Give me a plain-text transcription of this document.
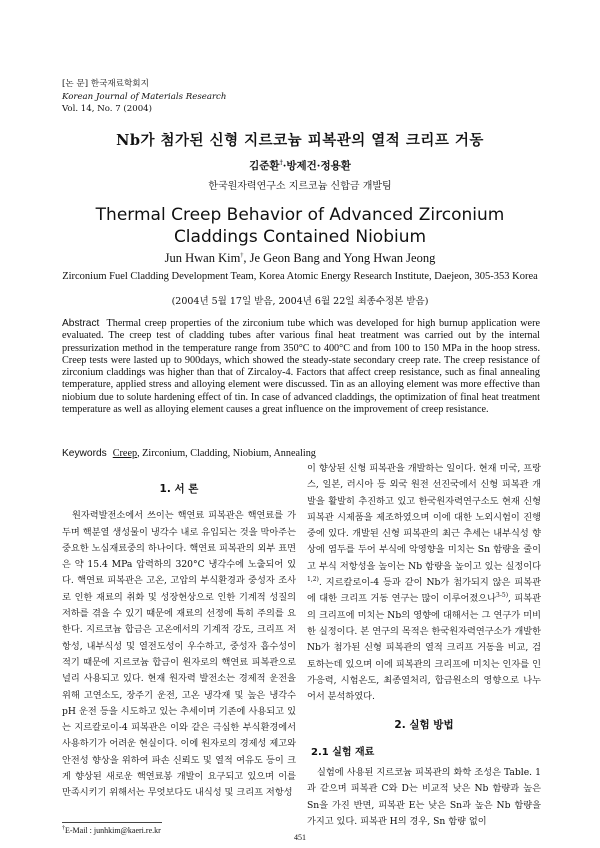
[논 문] 한국재료학회지
Korean Journal of Materials Research
Vol. 14, No. 7 (2004)
Nb가 첨가된 신형 지르코늄 피복관의 열적 크리프 거동
김준환†·방제건·정용환
한국원자력연구소 지르코늄 신합금 개발팀
Thermal Creep Behavior of Advanced Zirconium
Claddings Contained Niobium
Jun Hwan Kim†, Je Geon Bang and Yong Hwan Jeong
Zirconium Fuel Cladding Development Team, Korea Atomic Energy Research Institute, Daejeon, 305-353 Korea
(2004년 5월 17일 받음, 2004년 6월 22일 최종수정본 받음)
Abstract Thermal creep properties of the zirconium tube which was developed for high burnup application were evaluated. The creep test of cladding tubes after various final heat treatment was carried out by the internal pressurization method in the temperature range from 350°C to 400°C and from 100 to 150 MPa in the hoop stress. Creep tests were lasted up to 900days, which showed the steady-state secondary creep rate. The creep resistance of zirconium claddings was higher than that of Zircaloy-4. Factors that affect creep resistance, such as final annealing temperature, applied stress and alloying element were discussed. Tin as an alloying element was more effective than niobium due to solute hardening effect of tin. In case of advanced claddings, the optimization of final heat treatment temperature as well as alloying element causes a great influence on the improvement of creep resistance.
Keywords Creep, Zirconium, Cladding, Niobium, Annealing
1. 서 론

원자력발전소에서 쓰이는 핵연료 피복관은 핵연료를 가두며 핵분열 생성물이 냉각수 내로 유입되는 것을 막아주는 중요한 노심재료중의 하나이다. 핵연료 피복관의 외부 표면은 약 15.4 MPa 압력하의 320°C 냉각수에 노출되어 있다. 핵연료 피복관은 고온, 고압의 부식환경과 중성자 조사로 인한 재료의 취화 및 성장현상으로 인한 기계적 성질의 저하를 겪을 수 있기 때문에 재료의 선정에 특히 주의를 요한다. 지르코늄 합금은 고온에서의 기계적 강도, 크리프 저항성, 내부식성 및 열전도성이 우수하고, 중성자 흡수성이 적기 때문에 지르코늄 합금이 원자로의 핵연료 피복관으로 널리 사용되고 있다. 현재 원자력 발전소는 경제적 운전을 위해 고연소도, 장주기 운전, 고온 냉각재 및 높은 냉각수 pH 운전 등을 시도하고 있는 추세이며 기존에 사용되고 있는 지르칼로이-4 피복관은 이와 같은 극심한 부식환경에서 사용하기가 어려운 현실이다. 이에 원자로의 경제성 제고와 안전성 향상을 위하여 파손 신뢰도 및 열적 여유도 등이 크게 향상된 새로운 핵연료봉 개발이 요구되고 있으며 이를 만족시키기 위해서는 무엇보다도 내식성 및 크리프 저항성

이 향상된 신형 피복관을 개발하는 일이다. 현재 미국, 프랑스, 일본, 러시아 등 외국 원전 선진국에서 신형 피복관 개발을 활발히 추진하고 있고 한국원자력연구소도 현재 신형 피복관 시제품을 제조하였으며 이에 대한 노외시험이 진행 중에 있다. 개발된 신형 피복관의 최근 추세는 내부식성 향상에 염두를 두어 부식에 악영향을 미치는 Sn 함량을 줄이고 부식 저항성을 높이는 Nb 함량을 높이고 있는 실정이다$^{1,2)}$. 지르칼로이-4 등과 같이 Nb가 첨가되지 않은 피복관에 대한 크리프 거동 연구는 많이 이루어졌으나$^{3-5)}$, 피복관의 크리프에 미치는 Nb의 영향에 대해서는 그 연구가 미비한 실정이다. 본 연구의 목적은 한국원자력연구소가 개발한 Nb가 첨가된 신형 피복관의 열적 크리프 거동을 비교, 검토하는데 있으며 이에 피복관의 크리프에 미치는 인자를 인가응력, 시험온도, 최종열처리, 합금원소의 영향으로 나누어서 분석하였다.

2. 실험 방법
2.1 실험 재료

실험에 사용된 지르코늄 피복관의 화학 조성은 Table. 1과 같으며 피복관 C와 D는 비교적 낮은 Nb 함량과 높은 Sn을 가진 반면, 피복관 E는 낮은 Sn과 높은 Nb 함량을 가지고 있다. 피복관 H의 경우, Sn 함량 없이

†E-Mail : junhkim@kaeri.re.kr
451
